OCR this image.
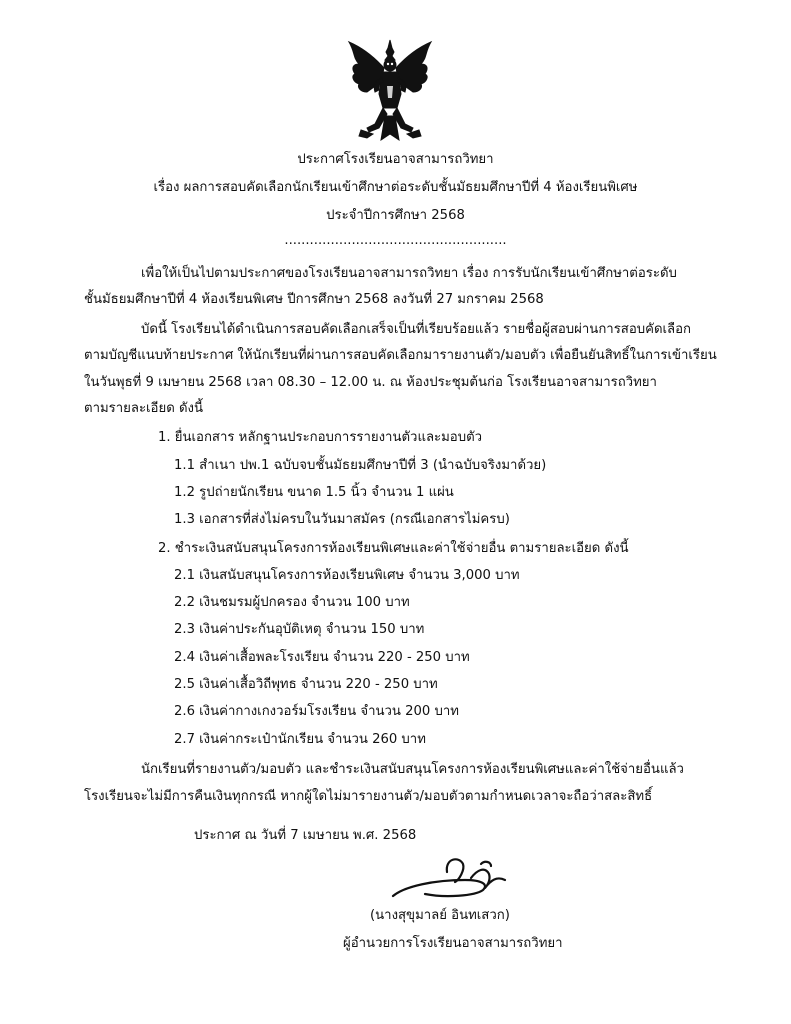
ประกาศโรงเรียนอาจสามารถวิทยา
เรื่อง ผลการสอบคัดเลือกนักเรียนเข้าศึกษาต่อระดับชั้นมัธยมศึกษาปีที่ 4 ห้องเรียนพิเศษ
ประจำปีการศึกษา 2568
.....................................................
เพื่อให้เป็นไปตามประกาศของโรงเรียนอาจสามารถวิทยา เรื่อง การรับนักเรียนเข้าศึกษาต่อระดับ
ชั้นมัธยมศึกษาปีที่ 4 ห้องเรียนพิเศษ ปีการศึกษา 2568 ลงวันที่ 27 มกราคม 2568
บัดนี้ โรงเรียนได้ดำเนินการสอบคัดเลือกเสร็จเป็นที่เรียบร้อยแล้ว รายชื่อผู้สอบผ่านการสอบคัดเลือก
ตามบัญชีแนบท้ายประกาศ ให้นักเรียนที่ผ่านการสอบคัดเลือกมารายงานตัว/มอบตัว เพื่อยืนยันสิทธิ์ในการเข้าเรียน
ในวันพุธที่ 9 เมษายน 2568 เวลา 08.30 – 12.00 น. ณ ห้องประชุมต้นก่อ โรงเรียนอาจสามารถวิทยา
ตามรายละเอียด ดังนี้
1. ยื่นเอกสาร หลักฐานประกอบการรายงานตัวและมอบตัว
1.1 สำเนา ปพ.1 ฉบับจบชั้นมัธยมศึกษาปีที่ 3 (นำฉบับจริงมาด้วย)
1.2 รูปถ่ายนักเรียน ขนาด 1.5 นิ้ว จำนวน 1 แผ่น
1.3 เอกสารที่ส่งไม่ครบในวันมาสมัคร (กรณีเอกสารไม่ครบ)
2. ชำระเงินสนับสนุนโครงการห้องเรียนพิเศษและค่าใช้จ่ายอื่น ตามรายละเอียด ดังนี้
2.1 เงินสนับสนุนโครงการห้องเรียนพิเศษ จำนวน 3,000 บาท
2.2 เงินชมรมผู้ปกครอง จำนวน 100 บาท
2.3 เงินค่าประกันอุบัติเหตุ จำนวน 150 บาท
2.4 เงินค่าเสื้อพละโรงเรียน จำนวน 220 - 250 บาท
2.5 เงินค่าเสื้อวิถีพุทธ จำนวน 220 - 250 บาท
2.6 เงินค่ากางเกงวอร์มโรงเรียน จำนวน 200 บาท
2.7 เงินค่ากระเป๋านักเรียน จำนวน 260 บาท
นักเรียนที่รายงานตัว/มอบตัว และชำระเงินสนับสนุนโครงการห้องเรียนพิเศษและค่าใช้จ่ายอื่นแล้ว
โรงเรียนจะไม่มีการคืนเงินทุกกรณี หากผู้ใดไม่มารายงานตัว/มอบตัวตามกำหนดเวลาจะถือว่าสละสิทธิ์
ประกาศ ณ วันที่ 7 เมษายน พ.ศ. 2568
(นางสุขุมาลย์ อินทเสวก)
ผู้อำนวยการโรงเรียนอาจสามารถวิทยา
